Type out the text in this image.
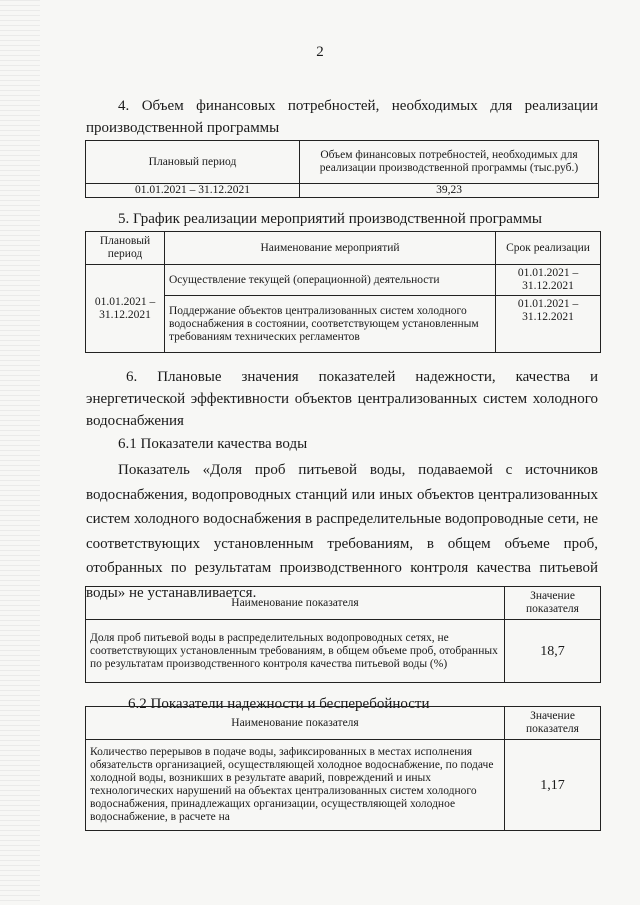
2
4. Объем финансовых потребностей, необходимых для реализации
производственной программы
Плановый период	Объем финансовых потребностей, необходимых для реализации производственной программы (тыс.руб.)
01.01.2021 – 31.12.2021	39,23
5. График реализации мероприятий производственной программы
Плановый период	Наименование мероприятий	Срок реализации
01.01.2021 – 31.12.2021	Осуществление текущей (операционной) деятельности	01.01.2021 – 31.12.2021
	Поддержание объектов централизованных систем холодного водоснабжения в состоянии, соответствующем установленным требованиям технических регламентов	01.01.2021 – 31.12.2021
6. Плановые значения показателей надежности, качества и энергетической эффективности объектов централизованных систем холодного водоснабжения
6.1 Показатели качества воды
Показатель «Доля проб питьевой воды, подаваемой с источников водоснабжения, водопроводных станций или иных объектов централизованных систем холодного водоснабжения в распределительные водопроводные сети, не соответствующих установленным требованиям, в общем объеме проб, отобранных по результатам производственного контроля качества питьевой воды» не устанавливается.
Наименование показателя	Значение показателя
Доля проб питьевой воды в распределительных водопроводных сетях, не соответствующих установленным требованиям, в общем объеме проб, отобранных по результатам производственного контроля качества питьевой воды (%)	18,7
6.2 Показатели надежности и бесперебойности
Наименование показателя	Значение показателя
Количество перерывов в подаче воды, зафиксированных в местах исполнения обязательств организацией, осуществляющей холодное водоснабжение, по подаче холодной воды, возникших в результате аварий, повреждений и иных технологических нарушений на объектах централизованных систем холодного водоснабжения, принадлежащих организации, осуществляющей холодное водоснабжение, в расчете на	1,17
